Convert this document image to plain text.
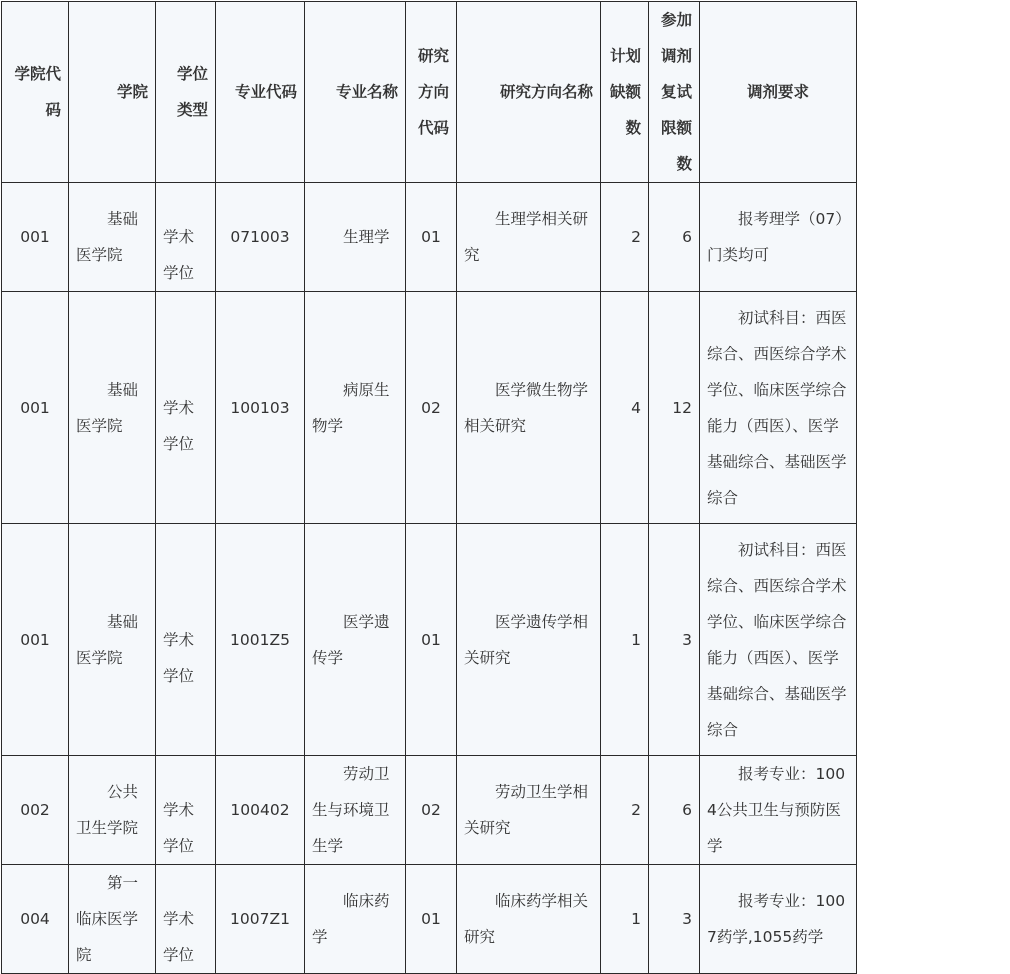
学院代码	学院	学位类型	专业代码	专业名称	研究方向代码	研究方向名称	计划缺额数	参加调剂复试限额数	调剂要求
001	基础医学院	学术学位	071003	生理学	01	生理学相关研究	2	6	报考理学（07）门类均可
001	基础医学院	学术学位	100103	病原生物学	02	医学微生物学相关研究	4	12	初试科目：西医综合、西医综合学术学位、临床医学综合能力（西医）、医学基础综合、基础医学综合
001	基础医学院	学术学位	1001Z5	医学遗传学	01	医学遗传学相关研究	1	3	初试科目：西医综合、西医综合学术学位、临床医学综合能力（西医）、医学基础综合、基础医学综合
002	公共卫生学院	学术学位	100402	劳动卫生与环境卫生学	02	劳动卫生学相关研究	2	6	报考专业：1004公共卫生与预防医学
004	第一临床医学院	学术学位	1007Z1	临床药学	01	临床药学相关研究	1	3	报考专业：1007药学,1055药学
